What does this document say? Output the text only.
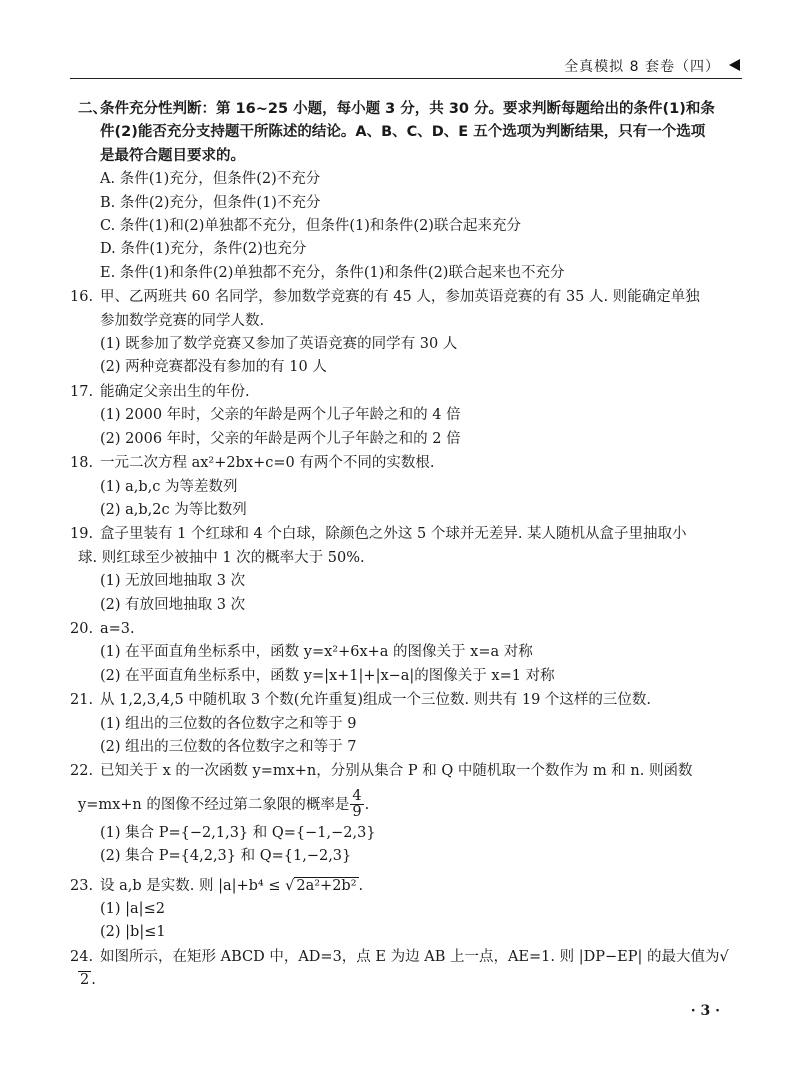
全真模拟 8 套卷（四）
二、条件充分性判断：第 16~25 小题，每小题 3 分，共 30 分。要求判断每题给出的条件(1)和条
件(2)能否充分支持题干所陈述的结论。A、B、C、D、E 五个选项为判断结果，只有一个选项
是最符合题目要求的。
A. 条件(1)充分，但条件(2)不充分
B. 条件(2)充分，但条件(1)不充分
C. 条件(1)和(2)单独都不充分，但条件(1)和条件(2)联合起来充分
D. 条件(1)充分，条件(2)也充分
E. 条件(1)和条件(2)单独都不充分，条件(1)和条件(2)联合起来也不充分
16. 甲、乙两班共 60 名同学，参加数学竞赛的有 45 人，参加英语竞赛的有 35 人. 则能确定单独
参加数学竞赛的同学人数.
(1) 既参加了数学竞赛又参加了英语竞赛的同学有 30 人
(2) 两种竞赛都没有参加的有 10 人
17. 能确定父亲出生的年份.
(1) 2000 年时，父亲的年龄是两个儿子年龄之和的 4 倍
(2) 2006 年时，父亲的年龄是两个儿子年龄之和的 2 倍
18. 一元二次方程 ax²+2bx+c=0 有两个不同的实数根.
(1) a,b,c 为等差数列
(2) a,b,2c 为等比数列
19. 盒子里装有 1 个红球和 4 个白球，除颜色之外这 5 个球并无差异. 某人随机从盒子里抽取小
球. 则红球至少被抽中 1 次的概率大于 50%.
(1) 无放回地抽取 3 次
(2) 有放回地抽取 3 次
20. a=3.
(1) 在平面直角坐标系中，函数 y=x²+6x+a 的图像关于 x=a 对称
(2) 在平面直角坐标系中，函数 y=|x+1|+|x−a|的图像关于 x=1 对称
21. 从 1,2,3,4,5 中随机取 3 个数(允许重复)组成一个三位数. 则共有 19 个这样的三位数.
(1) 组出的三位数的各位数字之和等于 9
(2) 组出的三位数的各位数字之和等于 7
22. 已知关于 x 的一次函数 y=mx+n，分别从集合 P 和 Q 中随机取一个数作为 m 和 n. 则函数
y=mx+n 的图像不经过第二象限的概率是 $\frac{4}{9}$ .
(1) 集合 P={−2,1,3} 和 Q={−1,−2,3}
(2) 集合 P={4,2,3} 和 Q={1,−2,3}
23. 设 a,b 是实数. 则 |a|+b⁴ ≤ √ 2a²+2b² .
(1) |a|≤2
(2) |b|≤1
24. 如图所示，在矩形 ABCD 中，AD=3，点 E 为边 AB 上一点，AE=1. 则 |DP−EP| 的最大值为√2 .
· 3 ·
